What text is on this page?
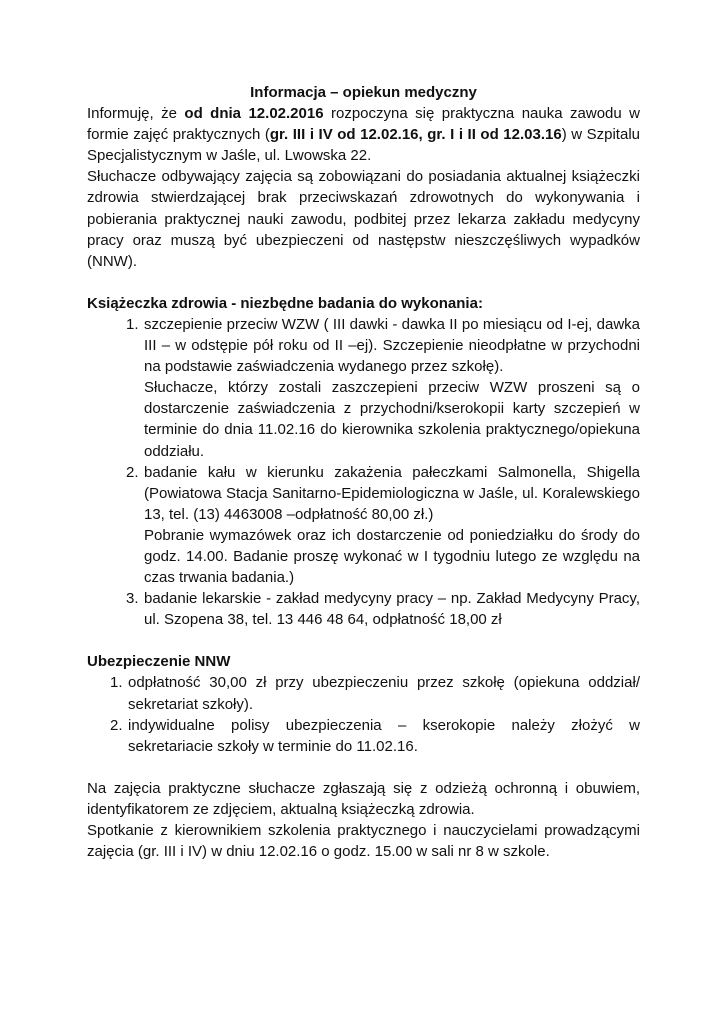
Informacja – opiekun medyczny

Informuję, że od dnia 12.02.2016 rozpoczyna się praktyczna nauka zawodu w formie zajęć praktycznych (gr. III i IV od 12.02.16, gr. I i II od 12.03.16) w Szpitalu Specjalistycznym w Jaśle, ul. Lwowska 22.

Słuchacze odbywający zajęcia są zobowiązani do posiadania aktualnej książeczki zdrowia stwierdzającej brak przeciwskazań zdrowotnych do wykonywania i pobierania praktycznej nauki zawodu, podbitej przez lekarza zakładu medycyny pracy oraz muszą być ubezpieczeni od następstw nieszczęśliwych wypadków (NNW).

Książeczka zdrowia - niezbędne badania do wykonania:

1. szczepienie przeciw WZW ( III dawki - dawka II po miesiącu od I-ej, dawka III – w odstępie pół roku od II –ej). Szczepienie nieodpłatne w przychodni na podstawie zaświadczenia wydanego przez szkołę).
Słuchacze, którzy zostali zaszczepieni przeciw WZW proszeni są o dostarczenie zaświadczenia z przychodni/kserokopii karty szczepień w terminie do dnia 11.02.16 do kierownika szkolenia praktycznego/opiekuna oddziału.
2. badanie kału w kierunku zakażenia pałeczkami Salmonella, Shigella (Powiatowa Stacja Sanitarno-Epidemiologiczna w Jaśle, ul. Koralewskiego 13, tel. (13) 4463008 –odpłatność 80,00 zł.)
Pobranie wymazówek oraz ich dostarczenie od poniedziałku do środy do godz. 14.00. Badanie proszę wykonać w I tygodniu lutego ze względu na czas trwania badania.)
3. badanie lekarskie - zakład medycyny pracy – np. Zakład Medycyny Pracy, ul. Szopena 38, tel. 13 446 48 64, odpłatność 18,00 zł

Ubezpieczenie NNW

1. odpłatność 30,00 zł przy ubezpieczeniu przez szkołę (opiekuna oddział/ sekretariat szkoły).
2. indywidualne polisy ubezpieczenia – kserokopie należy złożyć w sekretariacie szkoły w terminie do 11.02.16.

Na zajęcia praktyczne słuchacze zgłaszają się z odzieżą ochronną i obuwiem, identyfikatorem ze zdjęciem, aktualną książeczką zdrowia.

Spotkanie z kierownikiem szkolenia praktycznego i nauczycielami prowadzącymi zajęcia (gr. III i IV) w dniu 12.02.16 o godz. 15.00 w sali nr 8 w szkole.
